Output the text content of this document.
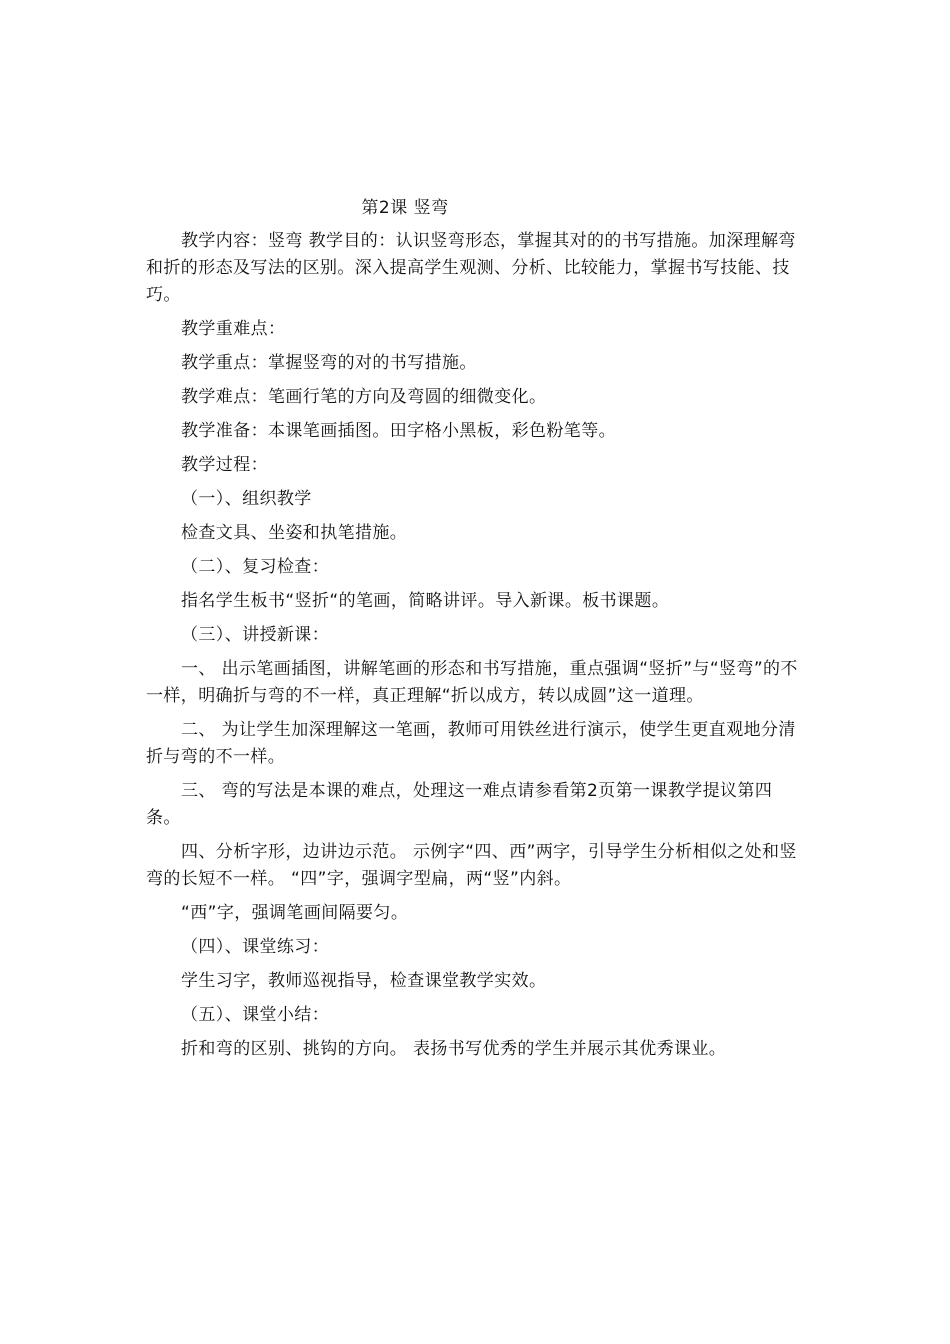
第2课 竖弯

教学内容：竖弯 教学目的：认识竖弯形态，掌握其对的的书写措施。加深理解弯和折的形态及写法的区别。深入提高学生观测、分析、比较能力，掌握书写技能、技巧。

教学重难点：

教学重点：掌握竖弯的对的书写措施。

教学难点：笔画行笔的方向及弯圆的细微变化。

教学准备：本课笔画插图。田字格小黑板，彩色粉笔等。

教学过程：

（一）、组织教学

检查文具、坐姿和执笔措施。

（二）、复习检查：

指名学生板书“竖折“的笔画，简略讲评。导入新课。板书课题。

（三）、讲授新课：

一、 出示笔画插图，讲解笔画的形态和书写措施，重点强调“竖折”与“竖弯”的不一样，明确折与弯的不一样，真正理解“折以成方，转以成圆”这一道理。

二、 为让学生加深理解这一笔画，教师可用铁丝进行演示，使学生更直观地分清折与弯的不一样。

三、 弯的写法是本课的难点，处理这一难点请参看第2页第一课教学提议第四条。

四、分析字形，边讲边示范。 示例字“四、西”两字，引导学生分析相似之处和竖弯的长短不一样。 “四”字，强调字型扁，两“竖”内斜。

“西”字，强调笔画间隔要匀。

（四）、课堂练习：

学生习字，教师巡视指导，检查课堂教学实效。

（五）、课堂小结：

折和弯的区别、挑钩的方向。 表扬书写优秀的学生并展示其优秀课业。
